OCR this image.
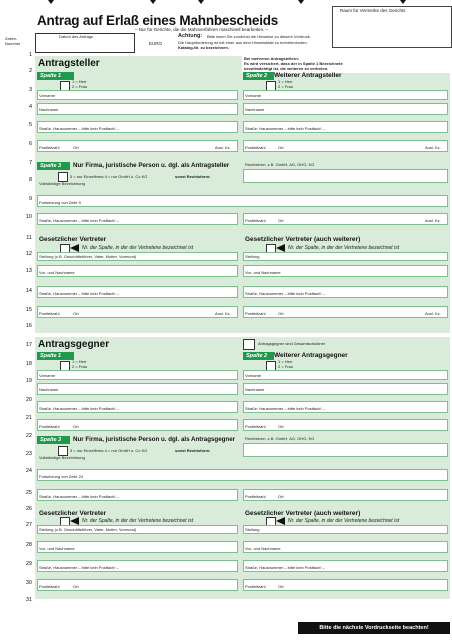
Raum für Vermerke des Gerichts
Antrag auf Erlaß eines Mahnbescheids
– Nur für Gerichte, die die Mahnverfahren maschinell bearbeiten. –
Zeilen-
Nummer
Datum des Antrags
EURO
Achtung: Bitte lesen Sie zunächst die Hinweise zu diesem Vordruck.
Die Hauptforderung ist mit einer aus dem Hinweisblatt zu entnehmenden
Katalog-Nr. zu bezeichnen.
1
2
3
4
5
6
7
8
9
10
11
12
13
14
15
16
17
18
19
20
21
22
23
24
25
26
27
28
29
30
31
Antragsteller	Bei mehreren Antragstellern:
Es wird versichert, dass der in Spalte 1 Bezeichnete
bevollmächtigt ist, die weiteren zu vertreten.
Spalte 1
1 = Herr
2 = Frau
Vorname
Spalte 2	Weiterer Antragsteller
1 = Herr
2 = Frau
Vorname
Nachname	Nachname
Straße, Hausnummer – bitte kein Postfach! –	Straße, Hausnummer – bitte kein Postfach! –
Postleitzahl	Ort	Ausl. Kz.	Postleitzahl	Ort	Ausl. Kz.
Spalte 3	Nur Firma, juristische Person u. dgl. als Antragsteller	Rechtsform, z.B. GmbH, AG, OHG, KG
3 = nur Einzelfirma 4 = nur GmbH u. Co KG	sonst Rechtsform:
Vollständige Bezeichnung
Fortsetzung von Zeile 9
Straße, Hausnummer – bitte kein Postfach! –	Postleitzahl	Ort	Ausl. Kz.
Gesetzlicher Vertreter
Nr. der Spalte, in der der Vertretene bezeichnet ist
Stellung (z.B. Geschäftsführer, Vater, Mutter, Vormund)
Gesetzlicher Vertreter (auch weiterer)
Nr. der Spalte, in der der Vertretene bezeichnet ist
Stellung
Vor- und Nachname	Vor- und Nachname
Straße, Hausnummer – bitte kein Postfach! –	Straße, Hausnummer – bitte kein Postfach! –
Postleitzahl	Ort	Ausl. Kz.	Postleitzahl	Ort	Ausl. Kz.
Antragsgegner	Antragsgegner sind Gesamtschuldner
Spalte 1
1 = Herr
2 = Frau
Vorname
Spalte 2	Weiterer Antragsgegner
1 = Herr
2 = Frau
Vorname
Nachname	Nachname
Straße, Hausnummer – bitte kein Postfach! –	Straße, Hausnummer – bitte kein Postfach! –
Postleitzahl	Ort	Postleitzahl	Ort
Spalte 3	Nur Firma, juristische Person u. dgl. als Antragsgegner Rechtsform, z.B. GmbH, AG, OHG, KG
3 = nur Einzelfirma 4 = nur GmbH u. Co KG	sonst Rechtsform:
Vollständige Bezeichnung
Fortsetzung von Zeile 24
Straße, Hausnummer – bitte kein Postfach! –	Postleitzahl	Ort
Gesetzlicher Vertreter
Nr. der Spalte, in der der Vertretene bezeichnet ist
Stellung (z.B. Geschäftsführer, Vater, Mutter, Vormund)
Gesetzlicher Vertreter (auch weiterer)
Nr. der Spalte, in der der Vertretene bezeichnet ist
Stellung
Vor- und Nachname	Vor- und Nachname
Straße, Hausnummer – bitte kein Postfach! –	Straße, Hausnummer – bitte kein Postfach! –
Postleitzahl	Ort	Postleitzahl	Ort
Bitte die nächste Vordruckseite beachten!
